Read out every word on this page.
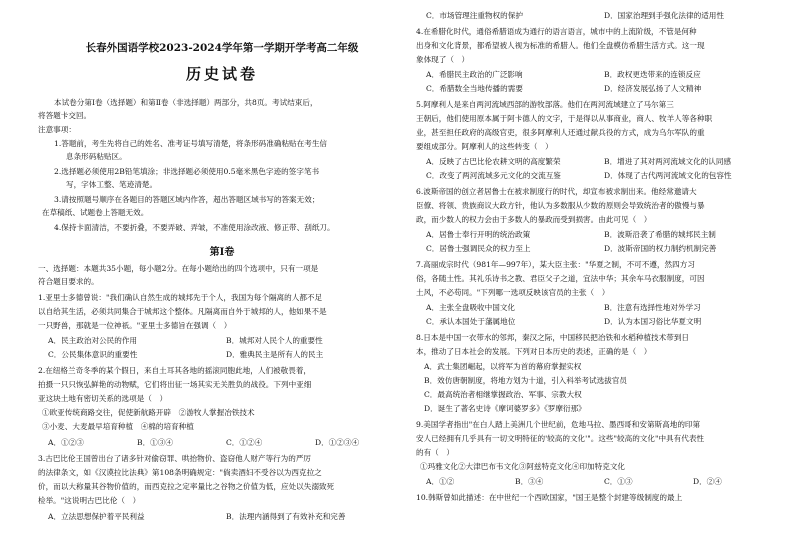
长春外国语学校2023-2024学年第一学期开学考高二年级
历史试卷
本试卷分第Ⅰ卷（选择题）和第Ⅱ卷（非选择题）两部分，共8页。考试结束后，
将答题卡交回。
注意事项：
1.答题前，考生先将自己的姓名、准考证号填写清楚，将条形码准确粘贴在考生信
息条形码粘贴区。
2.选择题必须使用2B铅笔填涂；非选择题必须使用0.5毫米黑色字迹的签字笔书
写，字体工整、笔迹清楚。
3.请按照题号顺序在各题目的答题区域内作答，超出答题区域书写的答案无效；
在草稿纸、试题卷上答题无效。
4.保持卡面清洁，不要折叠，不要弄破、弄皱，不准使用涂改液、修正带、刮纸刀。
第Ⅰ卷
一、选择题：本题共35小题，每小题2分。在每小题给出的四个选项中，只有一项是
符合题目要求的。
1.亚里士多德曾说："我们确认自然生成的城邦先于个人，我国为每个隔离的人都不足
以自给其生活，必须共同集合于城邦这个整体。凡隔离而自外于城邦的人，他如果不是
一只野兽，那就是一位神祇。"亚里士多德旨在强调（　）
A．民主政治对公民的作用	B．城邦对人民个人的重要性
C．公民集体意识的重要性	D．雅典民主是所有人的民主
2.在纽格兰奇冬季的某个假日，来自土耳其各地的摇滚同胞此地，人们被敬畏着，
拍摄一只只恢弘鲜艳的动物赋，它们将出征一场其实无关胜负的战役。下列中亚细
亚这块土地有密切关系的选项是（　）
①欧亚传统商路交往，促使新航路开辟　②游牧人掌握冶铁技术
③小麦、大麦最早培育种植　④棉的培育种植
A．①②③	B．①③④	C．①②④	D．①②③④
3.古巴比伦王国曾出台了诸多针对偷窃罪、哄抬物价、盗窃他人财产等行为的严厉
的法律条文，如《汉谟拉比法典》第108条明确规定："倘卖酒妇不受谷以为西克拉之
价，而以大称量其谷物价值的，而西克拉之定率量比之谷物之价值为低，应处以失溺致死
检举。"这说明古巴比伦（　）
A．立法思想保护着平民利益	B．法理内涵得到了有效补充和完善
C．市场管理注重物权的保护	D．国家治理到手强化法律的适用性
4.在希腊化时代，通俗希腊语成为通行的语言语言，城市中的上流阶级，不管是何种
出身和文化背景，都希望被人视为标准的希腊人。他们全盘模仿希腊生活方式。这一现
象体现了（　）
A．希腊民主政治的广泛影响	B．政权更迭带来的连锁反应
C．希腊数全当地传播的需要	D．经济发展弘扬了人文精神
5.阿摩利人是来自两河流域西部的游牧部落。他们在两河流域建立了马尔第三
王朝后，他们使用原本属于阿卡德人的文字，于是得以从事商业，商人、牧羊人等各种职
业，甚至担任政府的高级官吏，很多阿摩利人还通过献兵役的方式，成为乌尔军队的重
要组成部分。阿摩利人的这些转变（　）
A．反映了古巴比伦农耕文明的高度繁荣	B．增进了其对两河流域文化的认同感
C．改变了两河流域多元文化的交流互鉴	D．体现了古代两河流域文化的包容性
6.波斯帝国的创立者居鲁士在被求制度行的时代，却宣布被求制出来。他经常邀请大
臣僚、将领、贵族商议大政方针，他认为多数服从少数的原则会导致统治者的傲慢与暴
政，而少数人的权力会由于多数人的暴政而受到损害。由此可见（　）
A．居鲁士奉行开明的统治政策	B．波斯沿袭了希腊的城邦民主制
C．居鲁士强调民众的权力至上	D．波斯帝国的权力制约机制完善
7.高丽成宗时代（981年—997年），某大臣主张："华夏之制，不可不遵，然四方习
俗，各随土性。其礼乐诗书之教、君臣父子之道，宜法中华；其余车马衣服制度，可因
土风，不必苟同。"下列哪一选项反映该官员的主张（　）
A．主张全盘吸收中国文化	B．注意有选择性地对外学习
C．承认本国处于藩属地位	D．认为本国习俗比华夏文明
8.日本是中国一衣带水的邻邦，秦汉之际，中国移民把冶铁和水稻种植技术带到日
本，推动了日本社会的发展。下列对日本历史的表述，正确的是（　）
A．武士集团崛起，以将军为首的幕府掌握实权
B．效仿唐朝制度，将地方划为十道，引入科举考试选拔官员
C．最高统治者相继掌握政治、军事、宗教大权
D．诞生了著名史诗《摩诃婆罗多》《罗摩衍那》
9.美国学者指出"在白人踏上美洲几个世纪前，危地马拉、墨西哥和安第斯高地的印第
安人已经拥有几乎具有一切文明特征的'较高的文化'"。这些"较高的文化"中具有代表性
的有（　）
①玛雅文化②大津巴布韦文化③阿兹特克文化④印加特克文化
A．①②	B．③④	C．①③	D．②④
10.韩斯曾如此描述：在中世纪一个西欧国家，"国王是整个封建等级制度的最上
